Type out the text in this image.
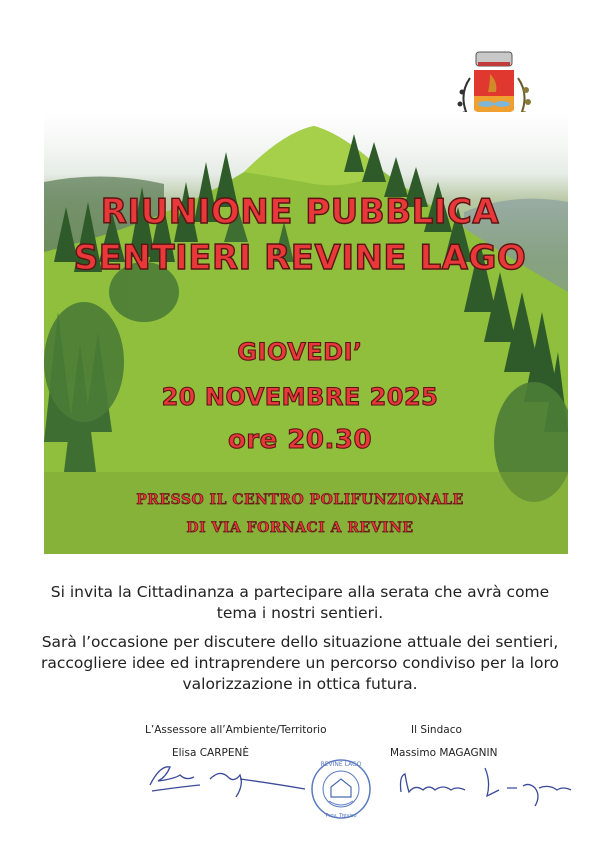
RIUNIONE PUBBLICA
SENTIERI REVINE LAGO
GIOVEDI’
20 NOVEMBRE 2025
ore 20.30
PRESSO IL CENTRO POLIFUNZIONALE
DI VIA FORNACI A REVINE
Si invita la Cittadinanza a partecipare alla serata che avrà come tema i nostri sentieri.
Sarà l’occasione per discutere dello situazione attuale dei sentieri, raccogliere idee ed intraprendere un percorso condiviso per la loro valorizzazione in ottica futura.
L’Assessore all’Ambiente/Territorio
Elisa CARPENÈ
Il Sindaco
Massimo MAGAGNIN
REVINE LAGO
Prov. Treviso
